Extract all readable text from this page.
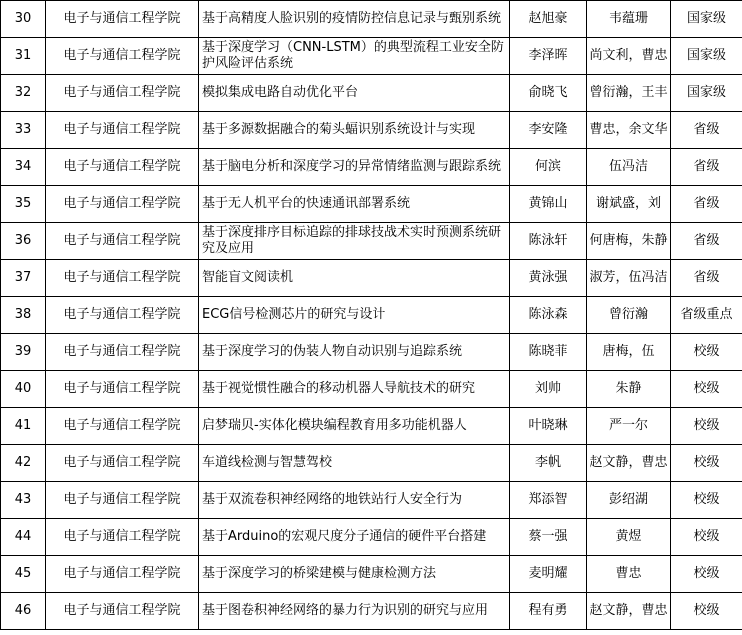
30	电子与通信工程学院	基于高精度人脸识别的疫情防控信息记录与甄别系统	赵旭豪	韦蕴珊	国家级
31	电子与通信工程学院	基于深度学习（CNN-LSTM）的典型流程工业安全防护风险评估系统	李泽晖	尚文利，曹忠	国家级
32	电子与通信工程学院	模拟集成电路自动优化平台	俞晓飞	曾衍瀚，王丰	国家级
33	电子与通信工程学院	基于多源数据融合的菊头蝠识别系统设计与实现	李安隆	曹忠，余文华	省级
34	电子与通信工程学院	基于脑电分析和深度学习的异常情绪监测与跟踪系统	何滨	伍冯洁	省级
35	电子与通信工程学院	基于无人机平台的快速通讯部署系统	黄锦山	谢斌盛，刘	省级
36	电子与通信工程学院	基于深度排序目标追踪的排球技战术实时预测系统研究及应用	陈泳轩	何唐梅，朱静	省级
37	电子与通信工程学院	智能盲文阅读机	黄泳强	淑芳，伍冯洁	省级
38	电子与通信工程学院	ECG信号检测芯片的研究与设计	陈泳森	曾衍瀚	省级重点
39	电子与通信工程学院	基于深度学习的伪装人物自动识别与追踪系统	陈晓菲	唐梅，伍	校级
40	电子与通信工程学院	基于视觉惯性融合的移动机器人导航技术的研究	刘帅	朱静	校级
41	电子与通信工程学院	启梦瑞贝-实体化模块编程教育用多功能机器人	叶晓琳	严一尔	校级
42	电子与通信工程学院	车道线检测与智慧驾校	李帆	赵文静，曹忠	校级
43	电子与通信工程学院	基于双流卷积神经网络的地铁站行人安全行为	郑添智	彭绍湖	校级
44	电子与通信工程学院	基于Arduino的宏观尺度分子通信的硬件平台搭建	蔡一强	黄煜	校级
45	电子与通信工程学院	基于深度学习的桥梁建模与健康检测方法	麦明耀	曹忠	校级
46	电子与通信工程学院	基于图卷积神经网络的暴力行为识别的研究与应用	程有勇	赵文静，曹忠	校级
